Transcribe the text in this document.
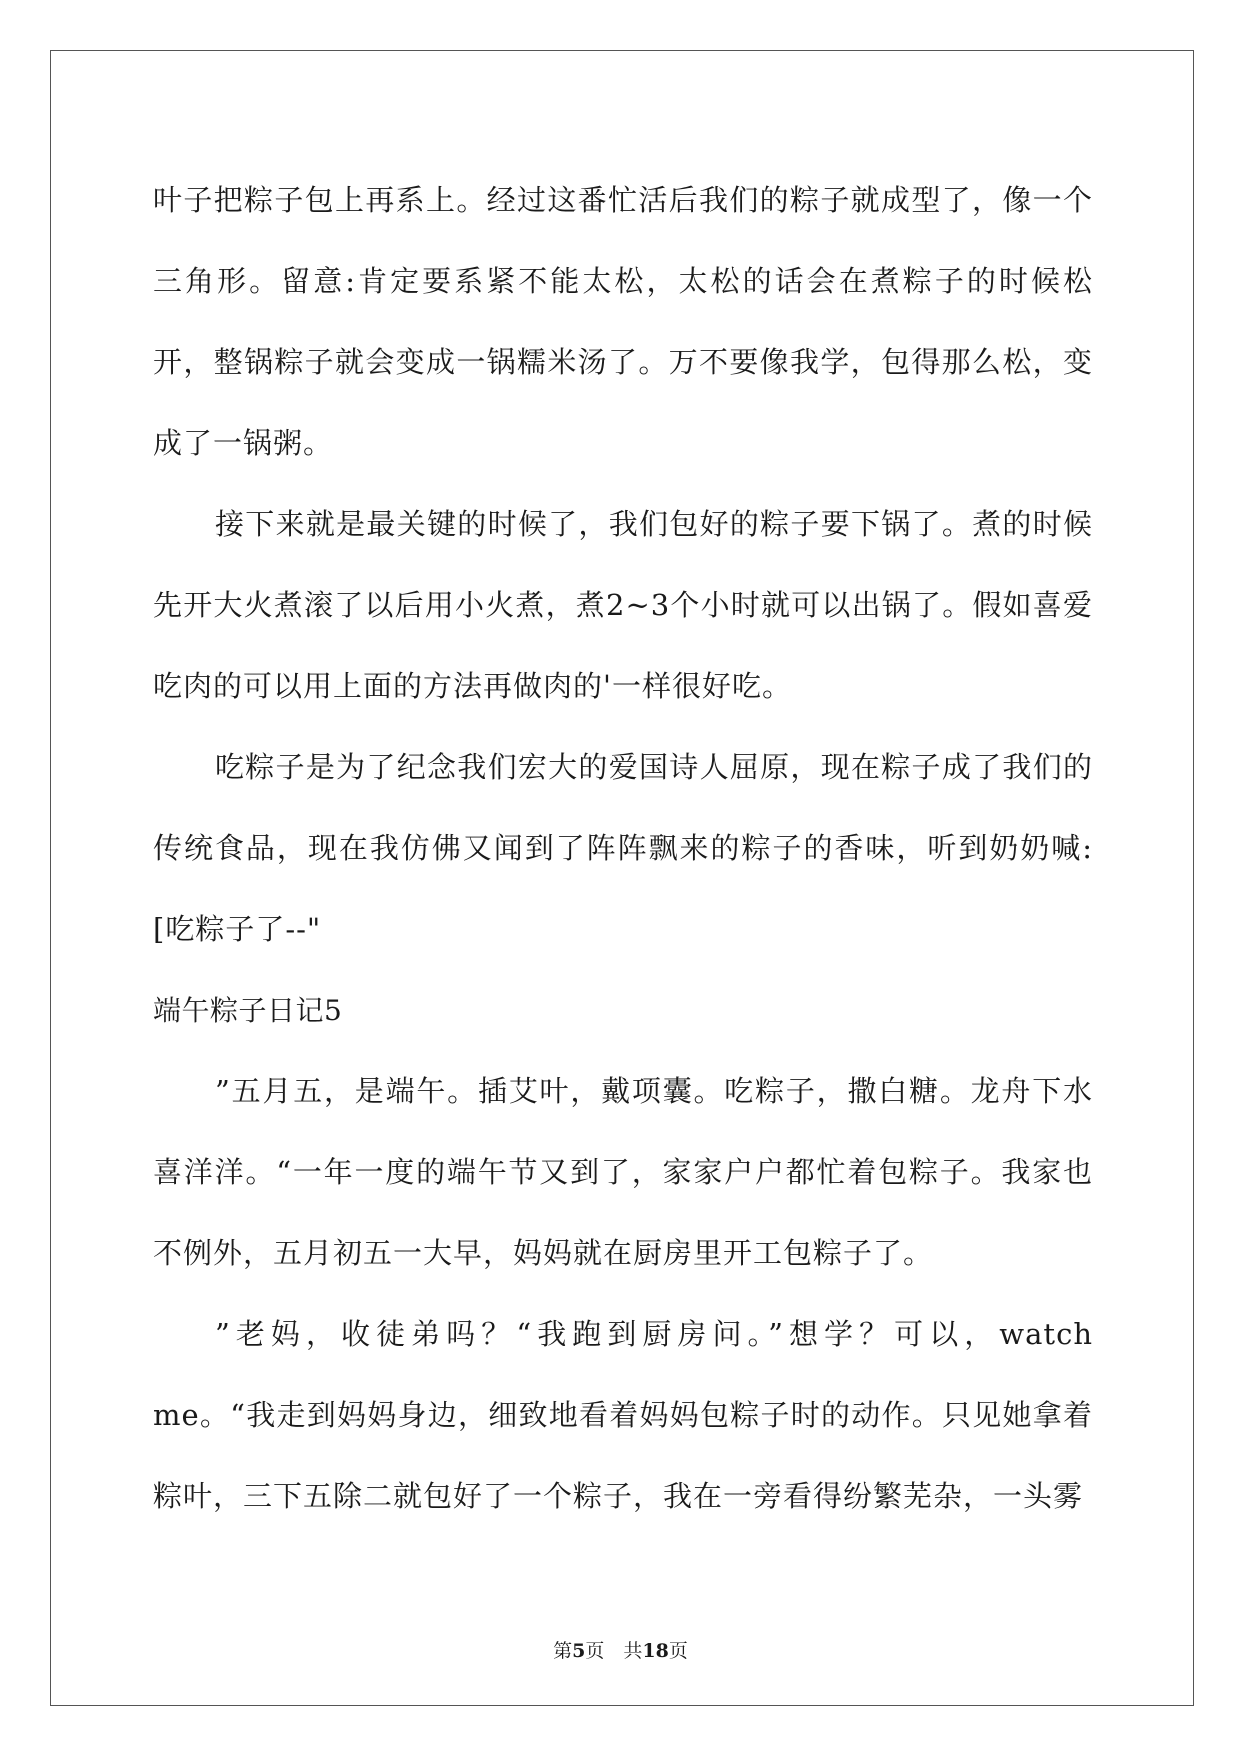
叶子把粽子包上再系上。经过这番忙活后我们的粽子就成型了，像一个三角形。留意:肯定要系紧不能太松，太松的话会在煮粽子的时候松开，整锅粽子就会变成一锅糯米汤了。万不要像我学，包得那么松，变成了一锅粥。

接下来就是最关键的时候了，我们包好的粽子要下锅了。煮的时候先开大火煮滚了以后用小火煮，煮2~3个小时就可以出锅了。假如喜爱吃肉的可以用上面的方法再做肉的'一样很好吃。

吃粽子是为了纪念我们宏大的爱国诗人屈原，现在粽子成了我们的传统食品，现在我仿佛又闻到了阵阵飘来的粽子的香味，听到奶奶喊:[吃粽子了--"

端午粽子日记5

”五月五，是端午。插艾叶，戴项囊。吃粽子，撒白糖。龙舟下水喜洋洋。“一年一度的端午节又到了，家家户户都忙着包粽子。我家也不例外，五月初五一大早，妈妈就在厨房里开工包粽子了。

”老妈，收徒弟吗？“我跑到厨房问。”想学？可以，watch me。“我走到妈妈身边，细致地看着妈妈包粽子时的动作。只见她拿着粽叶，三下五除二就包好了一个粽子，我在一旁看得纷繁芜杂，一头雾

第5页　共18页
